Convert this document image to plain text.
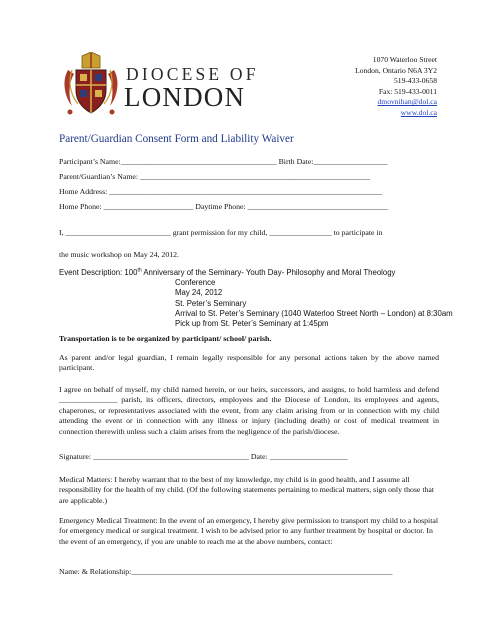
DIOCESE OF
LONDON
1070 Waterloo Street
London, Ontario N6A 3Y2
519-433-0658
Fax: 519-433-0011
dmovnihan@dol.ca
www.dol.ca
Parent/Guardian Consent Form and Liability Waiver
Participant’s Name:________________________________________ Birth Date:___________________
Parent/Guardian’s Name: ___________________________________________________________
Home Address: ______________________________________________________________________
Home Phone: _______________________ Daytime Phone: ____________________________________
I, ___________________________ grant permission for my child, ________________ to participate in
the music workshop on May 24, 2012.
Event Description: 100th Anniversary of the Seminary- Youth Day- Philosophy and Moral Theology
Conference
May 24, 2012
St. Peter’s Seminary
Arrival to St. Peter’s Seminary (1040 Waterloo Street North – London) at 8:30am
Pick up from St. Peter’s Seminary at 1:45pm
Transportation is to be organized by participant/ school/ parish.
As parent and/or legal guardian, I remain legally responsible for any personal actions taken by the above named participant.
I agree on behalf of myself, my child named herein, or our heirs, successors, and assigns, to hold harmless and defend _______________ parish, its officers, directors, employees and the Diocese of London, its employees and agents, chaperones, or representatives associated with the event, from any claim arising from or in connection with my child attending the event or in connection with any illness or injury (including death) or cost of medical treatment in connection therewith unless such a claim arises from the negligence of the parish/diocese.
Signature: ________________________________________ Date: ____________________
Medical Matters: I hereby warrant that to the best of my knowledge, my child is in good health, and I assume all responsibility for the health of my child. (Of the following statements pertaining to medical matters, sign only those that are applicable.)
Emergency Medical Treatment: In the event of an emergency, I hereby give permission to transport my child to a hospital for emergency medical or surgical treatment. I wish to be advised prior to any further treatment by hospital or doctor. In the event of an emergency, if you are unable to reach me at the above numbers, contact:
Name: & Relationship:___________________________________________________________________
